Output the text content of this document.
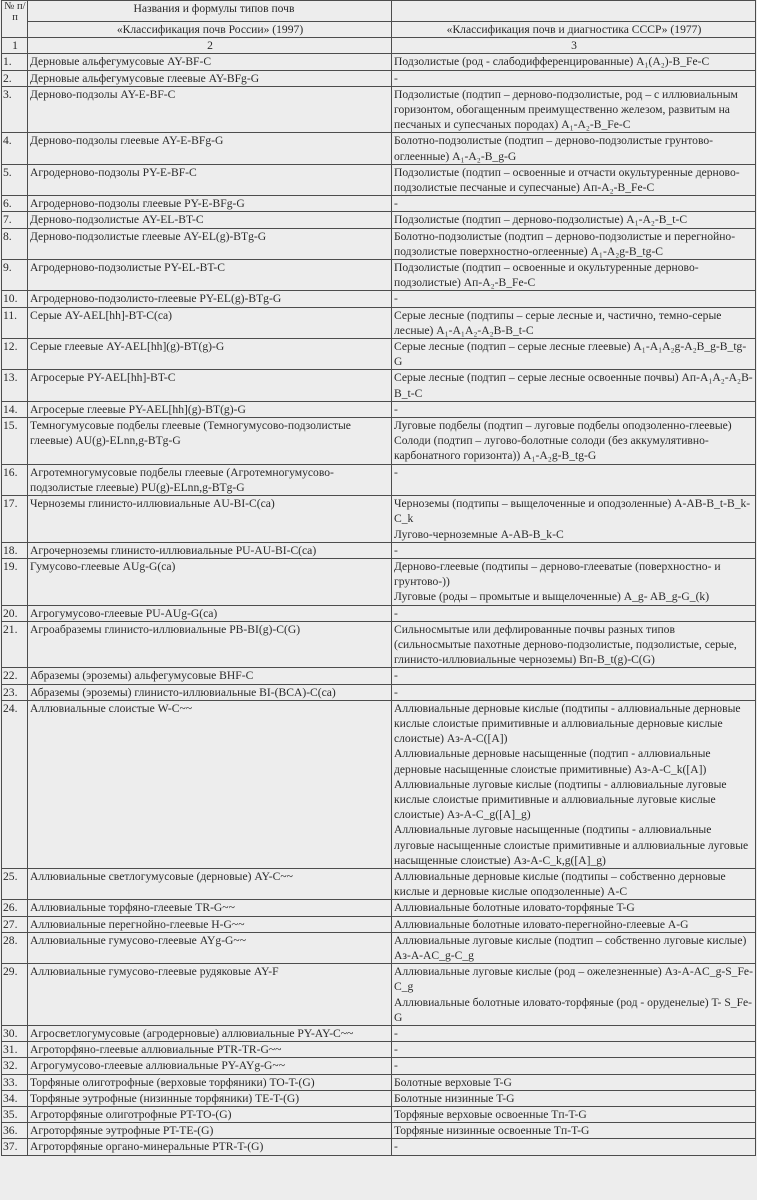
№ п/п	Названия и формулы типов почв	
	«Классификация почв России» (1997)	«Классификация почв и диагностика СССР» (1977)
1	2	3
1.	Дерновые альфегумусовые AY-BF-C	Подзолистые (род - слабодифференцированные) A₁(A₂)-B_Fe-C

2.	Дерновые альфегумусовые глеевые AY-BFg-G	-

3.	Дерново-подзолы AY-E-BF-C	Подзолистые (подтип – дерново-подзолистые, род – с иллювиальным горизонтом, обогащенным преимущественно железом, развитым на песчаных и супесчаных породах) A₁-A₂-B_Fe-C

4.	Дерново-подзолы глеевые AY-E-BFg-G	Болотно-подзолистые (подтип – дерново-подзолистые грунтово-оглеенные) A₁-A₂-B_g-G

5.	Агродерново-подзолы PY-E-BF-C	Подзолистые (подтип – освоенные и отчасти окультуренные дерново-подзолистые песчаные и супесчаные) Aп-A₂-B_Fe-C

6.	Агродерново-подзолы глеевые PY-E-BFg-G	-

7.	Дерново-подзолистые AY-EL-BT-C	Подзолистые (подтип – дерново-подзолистые) A₁-A₂-B_t-C

8.	Дерново-подзолистые глеевые AY-EL(g)-BTg-G	Болотно-подзолистые (подтип – дерново-подзолистые и перегнойно-подзолистые поверхностно-оглеенные) A₁-A₂g-B_tg-C

9.	Агродерново-подзолистые PY-EL-BT-C	Подзолистые (подтип – освоенные и окультуренные дерново-подзолистые) Aп-A₂-B_Fe-C

10.	Агродерново-подзолисто-глеевые PY-EL(g)-BTg-G	-

11.	Серые AY-AEL[hh]-BT-C(ca)	Серые лесные (подтипы – серые лесные и, частично, темно-серые лесные) A₁-A₁A₂-A₂B-B_t-C

12.	Серые глеевые AY-AEL[hh](g)-BT(g)-G	Серые лесные (подтип – серые лесные глеевые) A₁-A₁A₂g-A₂B_g-B_tg-G

13.	Агросерые PY-AEL[hh]-BT-C	Серые лесные (подтип – серые лесные освоенные почвы) Aп-A₁A₂-A₂B-B_t-C

14.	Агросерые глеевые PY-AEL[hh](g)-BT(g)-G	-

15.	Темногумусовые подбелы глеевые (Темногумусово-подзолистые глеевые) AU(g)-ELnn,g-BTg-G	Луговые подбелы (подтип – луговые подбелы оподзоленно-глеевые)
Солоди (подтип – лугово-болотные солоди (без аккумулятивно-карбонатного горизонта)) A₁-A₂g-B_tg-G

16.	Агротемногумусовые подбелы глеевые (Агротемногумусово-подзолистые глеевые) PU(g)-ELnn,g-BTg-G	-

17.	Черноземы глинисто-иллювиальные AU-BI-C(ca)	Черноземы (подтипы – выщелоченные и оподзоленные) A-AB-B_t-B_k-C_k
Лугово-черноземные A-AB-B_k-C

18.	Агрочерноземы глинисто-иллювиальные PU-AU-BI-C(ca)	-

19.	Гумусово-глеевые AUg-G(ca)	Дерново-глеевые (подтипы – дерново-глееватые (поверхностно- и грунтово-))
Луговые (роды – промытые и выщелоченные) A_g- AB_g-G_(k)

20.	Агрогумусово-глеевые PU-AUg-G(ca)	-

21.	Агроабраземы глинисто-иллювиальные PB-BI(g)-C(G)	Сильносмытые или дефлированные почвы разных типов (сильносмытые пахотные дерново-подзолистые, подзолистые, серые, глинисто-иллювиальные черноземы) Bп-B_t(g)-C(G)

22.	Абраземы (эроземы) альфегумусовые BHF-C	-

23.	Абраземы (эроземы) глинисто-иллювиальные BI-(BCA)-C(ca)	-

24.	Аллювиальные слоистые W-C~~	Аллювиальные дерновые кислые (подтипы - аллювиальные дерновые кислые слоистые примитивные и аллювиальные дерновые кислые слоистые) Aз-A-C([A])
Аллювиальные дерновые насыщенные (подтип - аллювиальные дерновые насыщенные слоистые примитивные) Aз-A-C_k([A])
Аллювиальные луговые кислые (подтипы - аллювиальные луговые кислые слоистые примитивные и аллювиальные луговые кислые слоистые) Aз-A-C_g([A]_g)
Аллювиальные луговые насыщенные (подтипы - аллювиальные луговые насыщенные слоистые примитивные и аллювиальные луговые насыщенные слоистые) Aз-A-C_k,g([A]_g)

25.	Аллювиальные светлогумусовые (дерновые) AY-C~~	Аллювиальные дерновые кислые (подтипы – собственно дерновые кислые и дерновые кислые оподзоленные) A-C

26.	Аллювиальные торфяно-глеевые TR-G~~	Аллювиальные болотные иловато-торфяные T-G

27.	Аллювиальные перегнойно-глеевые H-G~~	Аллювиальные болотные иловато-перегнойно-глеевые A-G

28.	Аллювиальные гумусово-глеевые AYg-G~~	Аллювиальные луговые кислые (подтип – собственно луговые кислые) Aз-A-AC_g-C_g

29.	Аллювиальные гумусово-глеевые рудяковые AY-F	Аллювиальные луговые кислые (род – ожелезненные) Aз-A-AC_g-S_Fe-C_g
Аллювиальные болотные иловато-торфяные (род - оруденелые) T- S_Fe-G

30.	Агросветлогумусовые (агродерновые) аллювиальные PY-AY-C~~	-

31.	Агроторфяно-глеевые аллювиальные PTR-TR-G~~	-

32.	Агрогумусово-глеевые аллювиальные PY-AYg-G~~	-

33.	Торфяные олиготрофные (верховые торфяники) TO-T-(G)	Болотные верховые T-G

34.	Торфяные эутрофные (низинные торфяники) TE-T-(G)	Болотные низинные T-G

35.	Агроторфяные олиготрофные PT-TO-(G)	Торфяные верховые освоенные Tп-T-G

36.	Агроторфяные эутрофные PT-TE-(G)	Торфяные низинные освоенные Tп-T-G

37.	Агроторфяные органо-минеральные PTR-T-(G)	-
